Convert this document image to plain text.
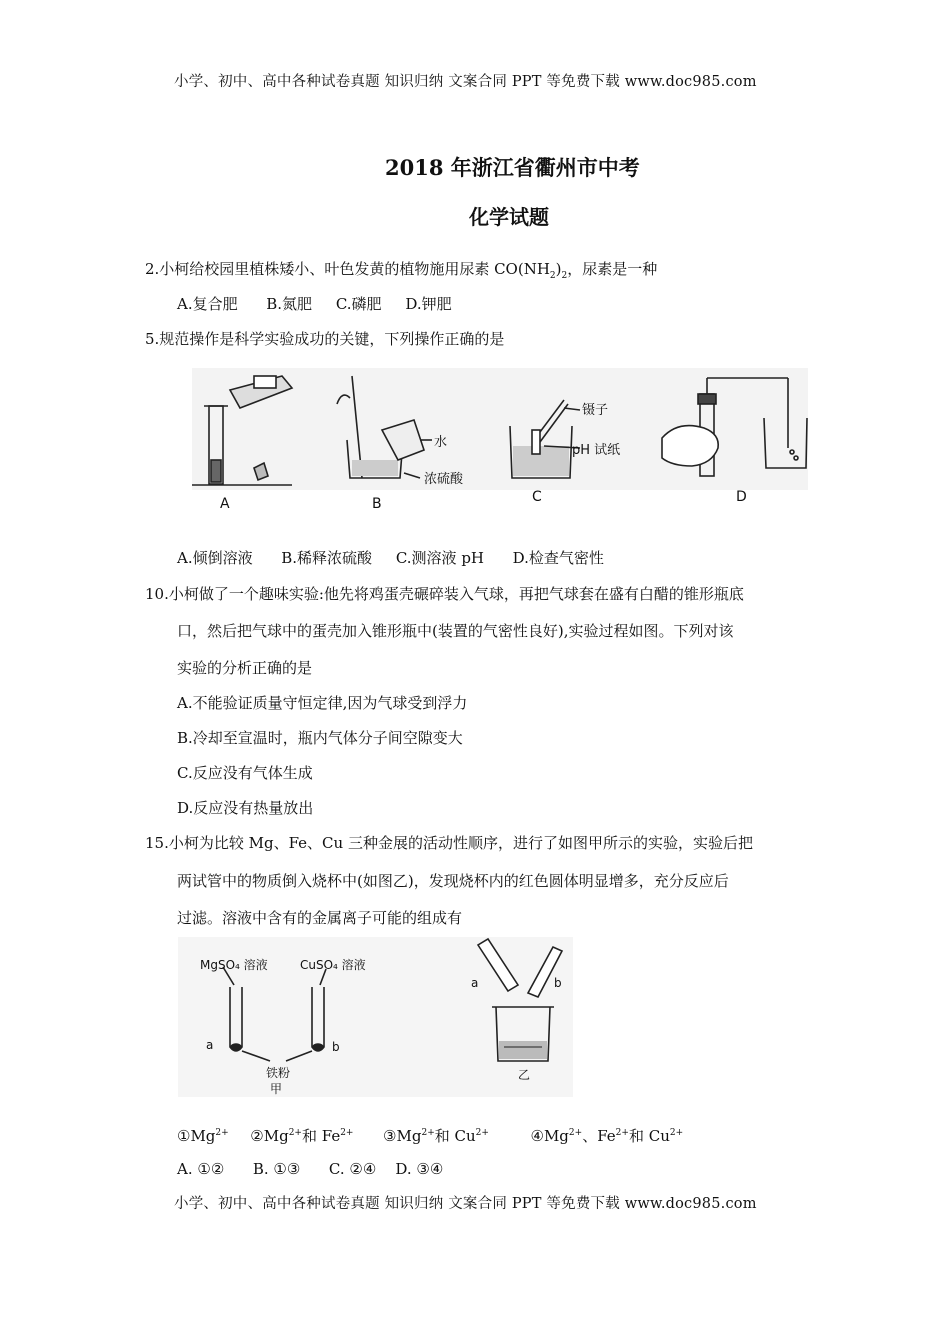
小学、初中、高中各种试卷真题 知识归纳 文案合同 PPT 等免费下载 www.doc985.com
2018 年浙江省衢州市中考
化学试题
2.小柯给校园里植株矮小、叶色发黄的植物施用尿素 $CO(NH_2)_2$，尿素是一种
A.复合肥      B.氮肥     C.磷肥     D.钾肥
5.规范操作是科学实验成功的关键，下列操作正确的是
水
浓硫酸
镊子
pH 试纸
A	B	C	D
A.倾倒溶液      B.稀释浓硫酸     C.测溶液 pH      D.检查气密性
10.小柯做了一个趣味实验:他先将鸡蛋壳碾碎装入气球，再把气球套在盛有白醋的锥形瓶底
口，然后把气球中的蛋壳加入锥形瓶中(装置的气密性良好),实验过程如图。下列对该
实验的分析正确的是
A.不能验证质量守恒定律,因为气球受到浮力
B.冷却至宣温时，瓶内气体分子间空隙变大
C.反应没有气体生成
D.反应没有热量放出
15.小柯为比较 Mg、Fe、Cu 三种金展的活动性顺序，进行了如图甲所示的实验，实验后把
两试管中的物质倒入烧杯中(如图乙)，发现烧杯内的红色圆体明显增多，充分反应后
过滤。溶液中含有的金属离子可能的组成有
MgSO₄ 溶液	CuSO₄ 溶液
a	b
铁粉
甲
a	b
乙
$①Mg^{2+}$ $②Mg^{2+}$和 $Fe^{2+}$ $③Mg^{2+}$和 $Cu^{2+}$	$④Mg^{2+}$、$Fe^{2+}$和 $Cu^{2+}$
A. ①②      B. ①③      C. ②④    D. ③④
小学、初中、高中各种试卷真题 知识归纳 文案合同 PPT 等免费下载 www.doc985.com
